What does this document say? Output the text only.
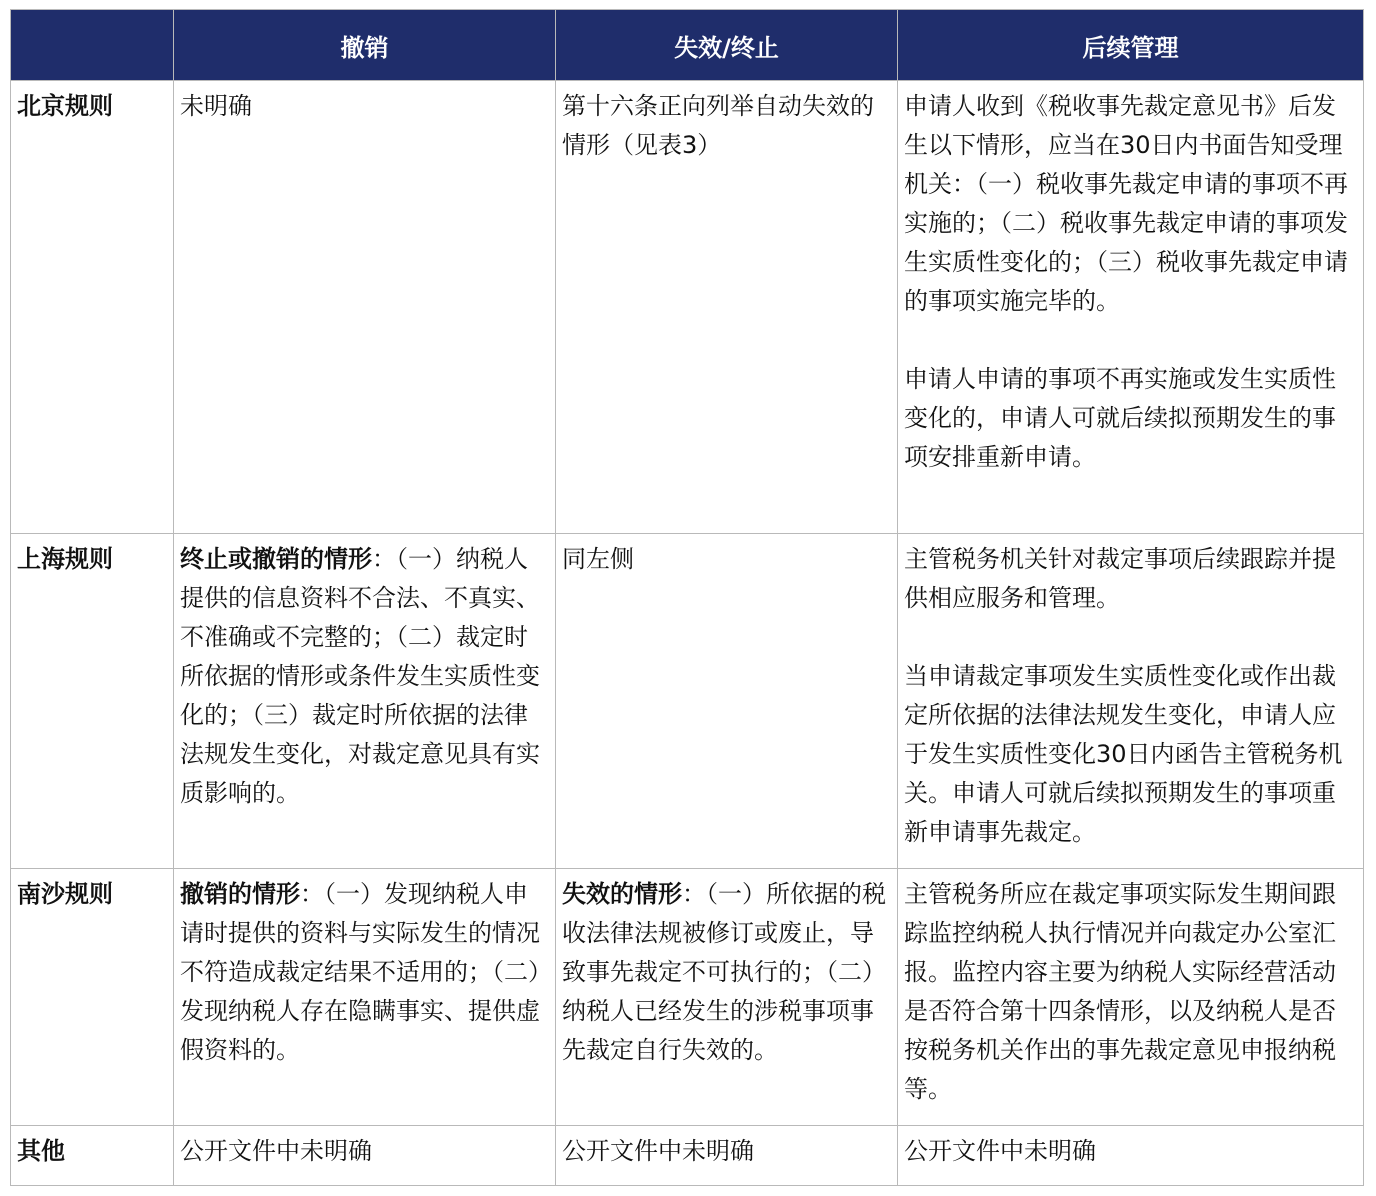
	撤销	失效/终止	后续管理
北京规则	未明确	第十六条正向列举自动失效的情形（见表3）	申请人收到《税收事先裁定意见书》后发生以下情形，应当在30日内书面告知受理机关：（一）税收事先裁定申请的事项不再实施的；（二）税收事先裁定申请的事项发生实质性变化的；（三）税收事先裁定申请的事项实施完毕的。

申请人申请的事项不再实施或发生实质性变化的，申请人可就后续拟预期发生的事项安排重新申请。

上海规则	终止或撤销的情形：（一）纳税人提供的信息资料不合法、不真实、不准确或不完整的；（二）裁定时所依据的情形或条件发生实质性变化的；（三）裁定时所依据的法律法规发生变化，对裁定意见具有实质影响的。	同左侧	主管税务机关针对裁定事项后续跟踪并提供相应服务和管理。

当申请裁定事项发生实质性变化或作出裁定所依据的法律法规发生变化，申请人应于发生实质性变化30日内函告主管税务机关。申请人可就后续拟预期发生的事项重新申请事先裁定。

南沙规则	撤销的情形：（一）发现纳税人申请时提供的资料与实际发生的情况不符造成裁定结果不适用的；（二）发现纳税人存在隐瞒事实、提供虚假资料的。	失效的情形：（一）所依据的税收法律法规被修订或废止，导致事先裁定不可执行的；（二）纳税人已经发生的涉税事项事先裁定自行失效的。	主管税务所应在裁定事项实际发生期间跟踪监控纳税人执行情况并向裁定办公室汇报。监控内容主要为纳税人实际经营活动是否符合第十四条情形，以及纳税人是否按税务机关作出的事先裁定意见申报纳税等。

其他	公开文件中未明确	公开文件中未明确	公开文件中未明确
